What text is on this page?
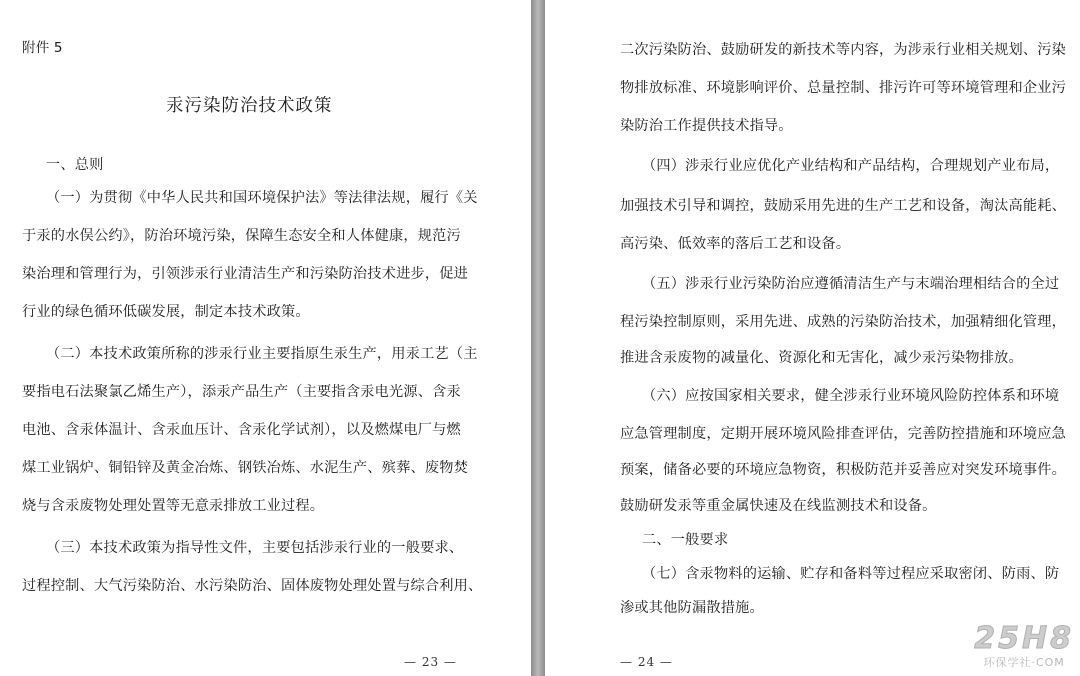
附件 5
汞污染防治技术政策
一、总则
（一）为贯彻《中华人民共和国环境保护法》等法律法规，履行《关
于汞的水俣公约》，防治环境污染，保障生态安全和人体健康，规范污
染治理和管理行为，引领涉汞行业清洁生产和污染防治技术进步，促进
行业的绿色循环低碳发展，制定本技术政策。
（二）本技术政策所称的涉汞行业主要指原生汞生产，用汞工艺（主
要指电石法聚氯乙烯生产），添汞产品生产（主要指含汞电光源、含汞
电池、含汞体温计、含汞血压计、含汞化学试剂），以及燃煤电厂与燃
煤工业锅炉、铜铅锌及黄金冶炼、钢铁冶炼、水泥生产、殡葬、废物焚
烧与含汞废物处理处置等无意汞排放工业过程。
（三）本技术政策为指导性文件，主要包括涉汞行业的一般要求、
过程控制、大气污染防治、水污染防治、固体废物处理处置与综合利用、
— 23 —
二次污染防治、鼓励研发的新技术等内容，为涉汞行业相关规划、污染
物排放标准、环境影响评价、总量控制、排污许可等环境管理和企业污
染防治工作提供技术指导。
（四）涉汞行业应优化产业结构和产品结构，合理规划产业布局，
加强技术引导和调控，鼓励采用先进的生产工艺和设备，淘汰高能耗、
高污染、低效率的落后工艺和设备。
（五）涉汞行业污染防治应遵循清洁生产与末端治理相结合的全过
程污染控制原则，采用先进、成熟的污染防治技术，加强精细化管理，
推进含汞废物的减量化、资源化和无害化，减少汞污染物排放。
（六）应按国家相关要求，健全涉汞行业环境风险防控体系和环境
应急管理制度，定期开展环境风险排查评估，完善防控措施和环境应急
预案，储备必要的环境应急物资，积极防范并妥善应对突发环境事件。
鼓励研发汞等重金属快速及在线监测技术和设备。
二、一般要求
（七）含汞物料的运输、贮存和备料等过程应采取密闭、防雨、防
渗或其他防漏散措施。
— 24 —
25H8
环保学社·COM
